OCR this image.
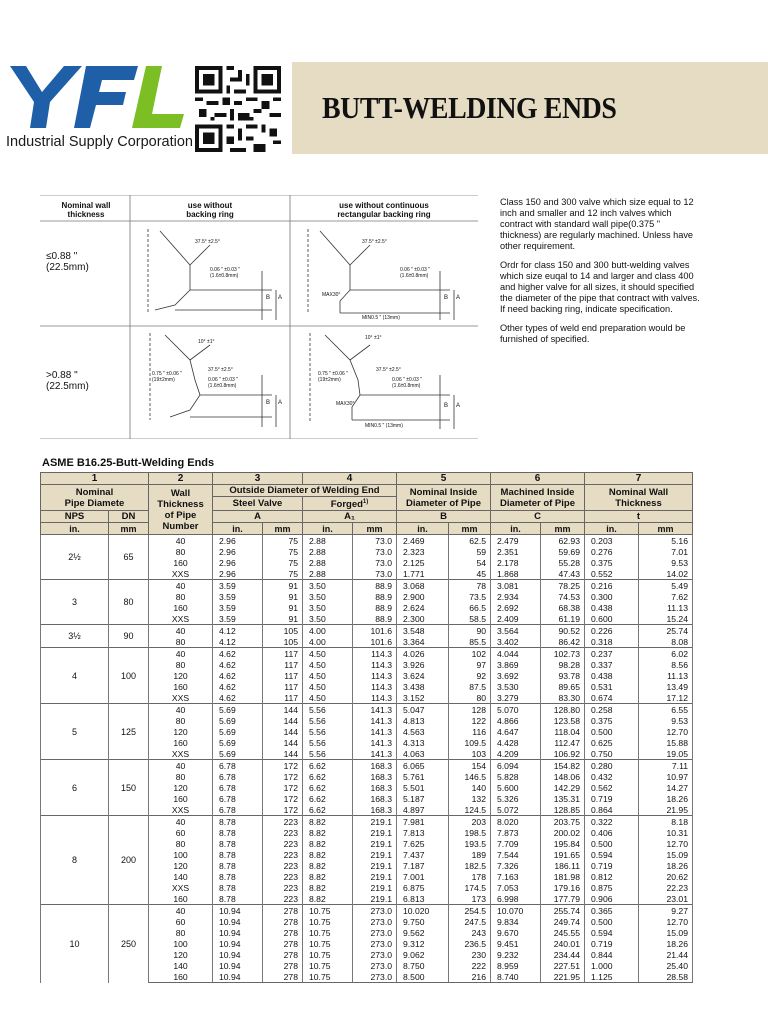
Industrial Supply Corporation
BUTT-WELDING ENDS
Nominal wall
thickness
use without
backing ring
use without continuous
rectangular backing ring
≤0.88 "
(22.5mm)
>0.88 "
(22.5mm)
37.5° ±2.5°
0.06 " ±0.03 "
(1.6±0.8mm)
B A
37.5° ±2.5°
0.06 " ±0.03 "
(1.6±0.8mm)
MAX30°
MIN0.5 " (13mm)
B A
10° ±1°
0.75 " ±0.06 "
(19±2mm)
37.5° ±2.5°
0.06 " ±0.03 "
(1.6±0.8mm)
B A
10° ±1°
0.75 " ±0.06 "
(19±2mm)
37.5° ±2.5°
0.06 " ±0.03 "
(1.6±0.8mm)
MAX30°
MIN0.5 " (13mm)
B A

Class 150 and 300 valve which size equal to 12 inch and smaller and 12 inch valves which contract with standard wall pipe(0.375 " thickness) are regularly machined. Unless have other requirement.

Ordr for class 150 and 300 butt-welding valves which size euqal to 14 and larger and class 400 and higher valve for all sizes, it should specified the diameter of the pipe that contract with valves. If need backing ring, indicate specification.

Other types of weld end preparation would be furnished of specified.

ASME B16.25-Butt-Welding Ends
1		2	3		4		5		6		7	
Nominal
Pipe Diamete		Wall
Thickness
of Pipe
Number	Outside Diameter of Welding End				Nominal Inside
Diameter of Pipe		Machined Inside
Diameter of Pipe		Nominal Wall
Thickness	
			Steel Valve		Forged$^{1)}$
NPS	DN		A		A₁		B		C		t	
in.	mm		in.	mm	in.	mm	in.	mm	in.	mm	in.	mm
2½	65	40	2.96	75	2.88	73.0	2.469	62.5	2.479	62.93	0.203	5.16
		80	2.96	75	2.88	73.0	2.323	59	2.351	59.69	0.276	7.01
		160	2.96	75	2.88	73.0	2.125	54	2.178	55.28	0.375	9.53
		XXS	2.96	75	2.88	73.0	1.771	45	1.868	47.43	0.552	14.02
3	80	40	3.59	91	3.50	88.9	3.068	78	3.081	78.25	0.216	5.49
		80	3.59	91	3.50	88.9	2.900	73.5	2.934	74.53	0.300	7.62
		160	3.59	91	3.50	88.9	2.624	66.5	2.692	68.38	0.438	11.13
		XXS	3.59	91	3.50	88.9	2.300	58.5	2.409	61.19	0.600	15.24
3½	90	40	4.12	105	4.00	101.6	3.548	90	3.564	90.52	0.226	25.74
		80	4.12	105	4.00	101.6	3.364	85.5	3.402	86.42	0.318	8.08
4	100	40	4.62	117	4.50	114.3	4.026	102	4.044	102.73	0.237	6.02
		80	4.62	117	4.50	114.3	3.926	97	3.869	98.28	0.337	8.56
		120	4.62	117	4.50	114.3	3.624	92	3.692	93.78	0.438	11.13
		160	4.62	117	4.50	114.3	3.438	87.5	3.530	89.65	0.531	13.49
		XXS	4.62	117	4.50	114.3	3.152	80	3.279	83.30	0.674	17.12
5	125	40	5.69	144	5.56	141.3	5.047	128	5.070	128.80	0.258	6.55
		80	5.69	144	5.56	141.3	4.813	122	4.866	123.58	0.375	9.53
		120	5.69	144	5.56	141.3	4.563	116	4.647	118.04	0.500	12.70
		160	5.69	144	5.56	141.3	4.313	109.5	4.428	112.47	0.625	15.88
		XXS	5.69	144	5.56	141.3	4.063	103	4.209	106.92	0.750	19.05
6	150	40	6.78	172	6.62	168.3	6.065	154	6.094	154.82	0.280	7.11
		80	6.78	172	6.62	168.3	5.761	146.5	5.828	148.06	0.432	10.97
		120	6.78	172	6.62	168.3	5.501	140	5.600	142.29	0.562	14.27
		160	6.78	172	6.62	168.3	5.187	132	5.326	135.31	0.719	18.26
		XXS	6.78	172	6.62	168.3	4.897	124.5	5.072	128.85	0.864	21.95
8	200	40	8.78	223	8.82	219.1	7.981	203	8.020	203.75	0.322	8.18
		60	8.78	223	8.82	219.1	7.813	198.5	7.873	200.02	0.406	10.31
		80	8.78	223	8.82	219.1	7.625	193.5	7.709	195.84	0.500	12.70
		100	8.78	223	8.82	219.1	7.437	189	7.544	191.65	0.594	15.09
		120	8.78	223	8.82	219.1	7.187	182.5	7.326	186.11	0.719	18.26
		140	8.78	223	8.82	219.1	7.001	178	7.163	181.98	0.812	20.62
		XXS	8.78	223	8.82	219.1	6.875	174.5	7.053	179.16	0.875	22.23
		160	8.78	223	8.82	219.1	6.813	173	6.998	177.79	0.906	23.01
10	250	40	10.94	278	10.75	273.0	10.020	254.5	10.070	255.74	0.365	9.27
		60	10.94	278	10.75	273.0	9.750	247.5	9.834	249.74	0.500	12.70
		80	10.94	278	10.75	273.0	9.562	243	9.670	245.55	0.594	15.09
		100	10.94	278	10.75	273.0	9.312	236.5	9.451	240.01	0.719	18.26
		120	10.94	278	10.75	273.0	9.062	230	9.232	234.44	0.844	21.44
		140	10.94	278	10.75	273.0	8.750	222	8.959	227.51	1.000	25.40
		160	10.94	278	10.75	273.0	8.500	216	8.740	221.95	1.125	28.58
